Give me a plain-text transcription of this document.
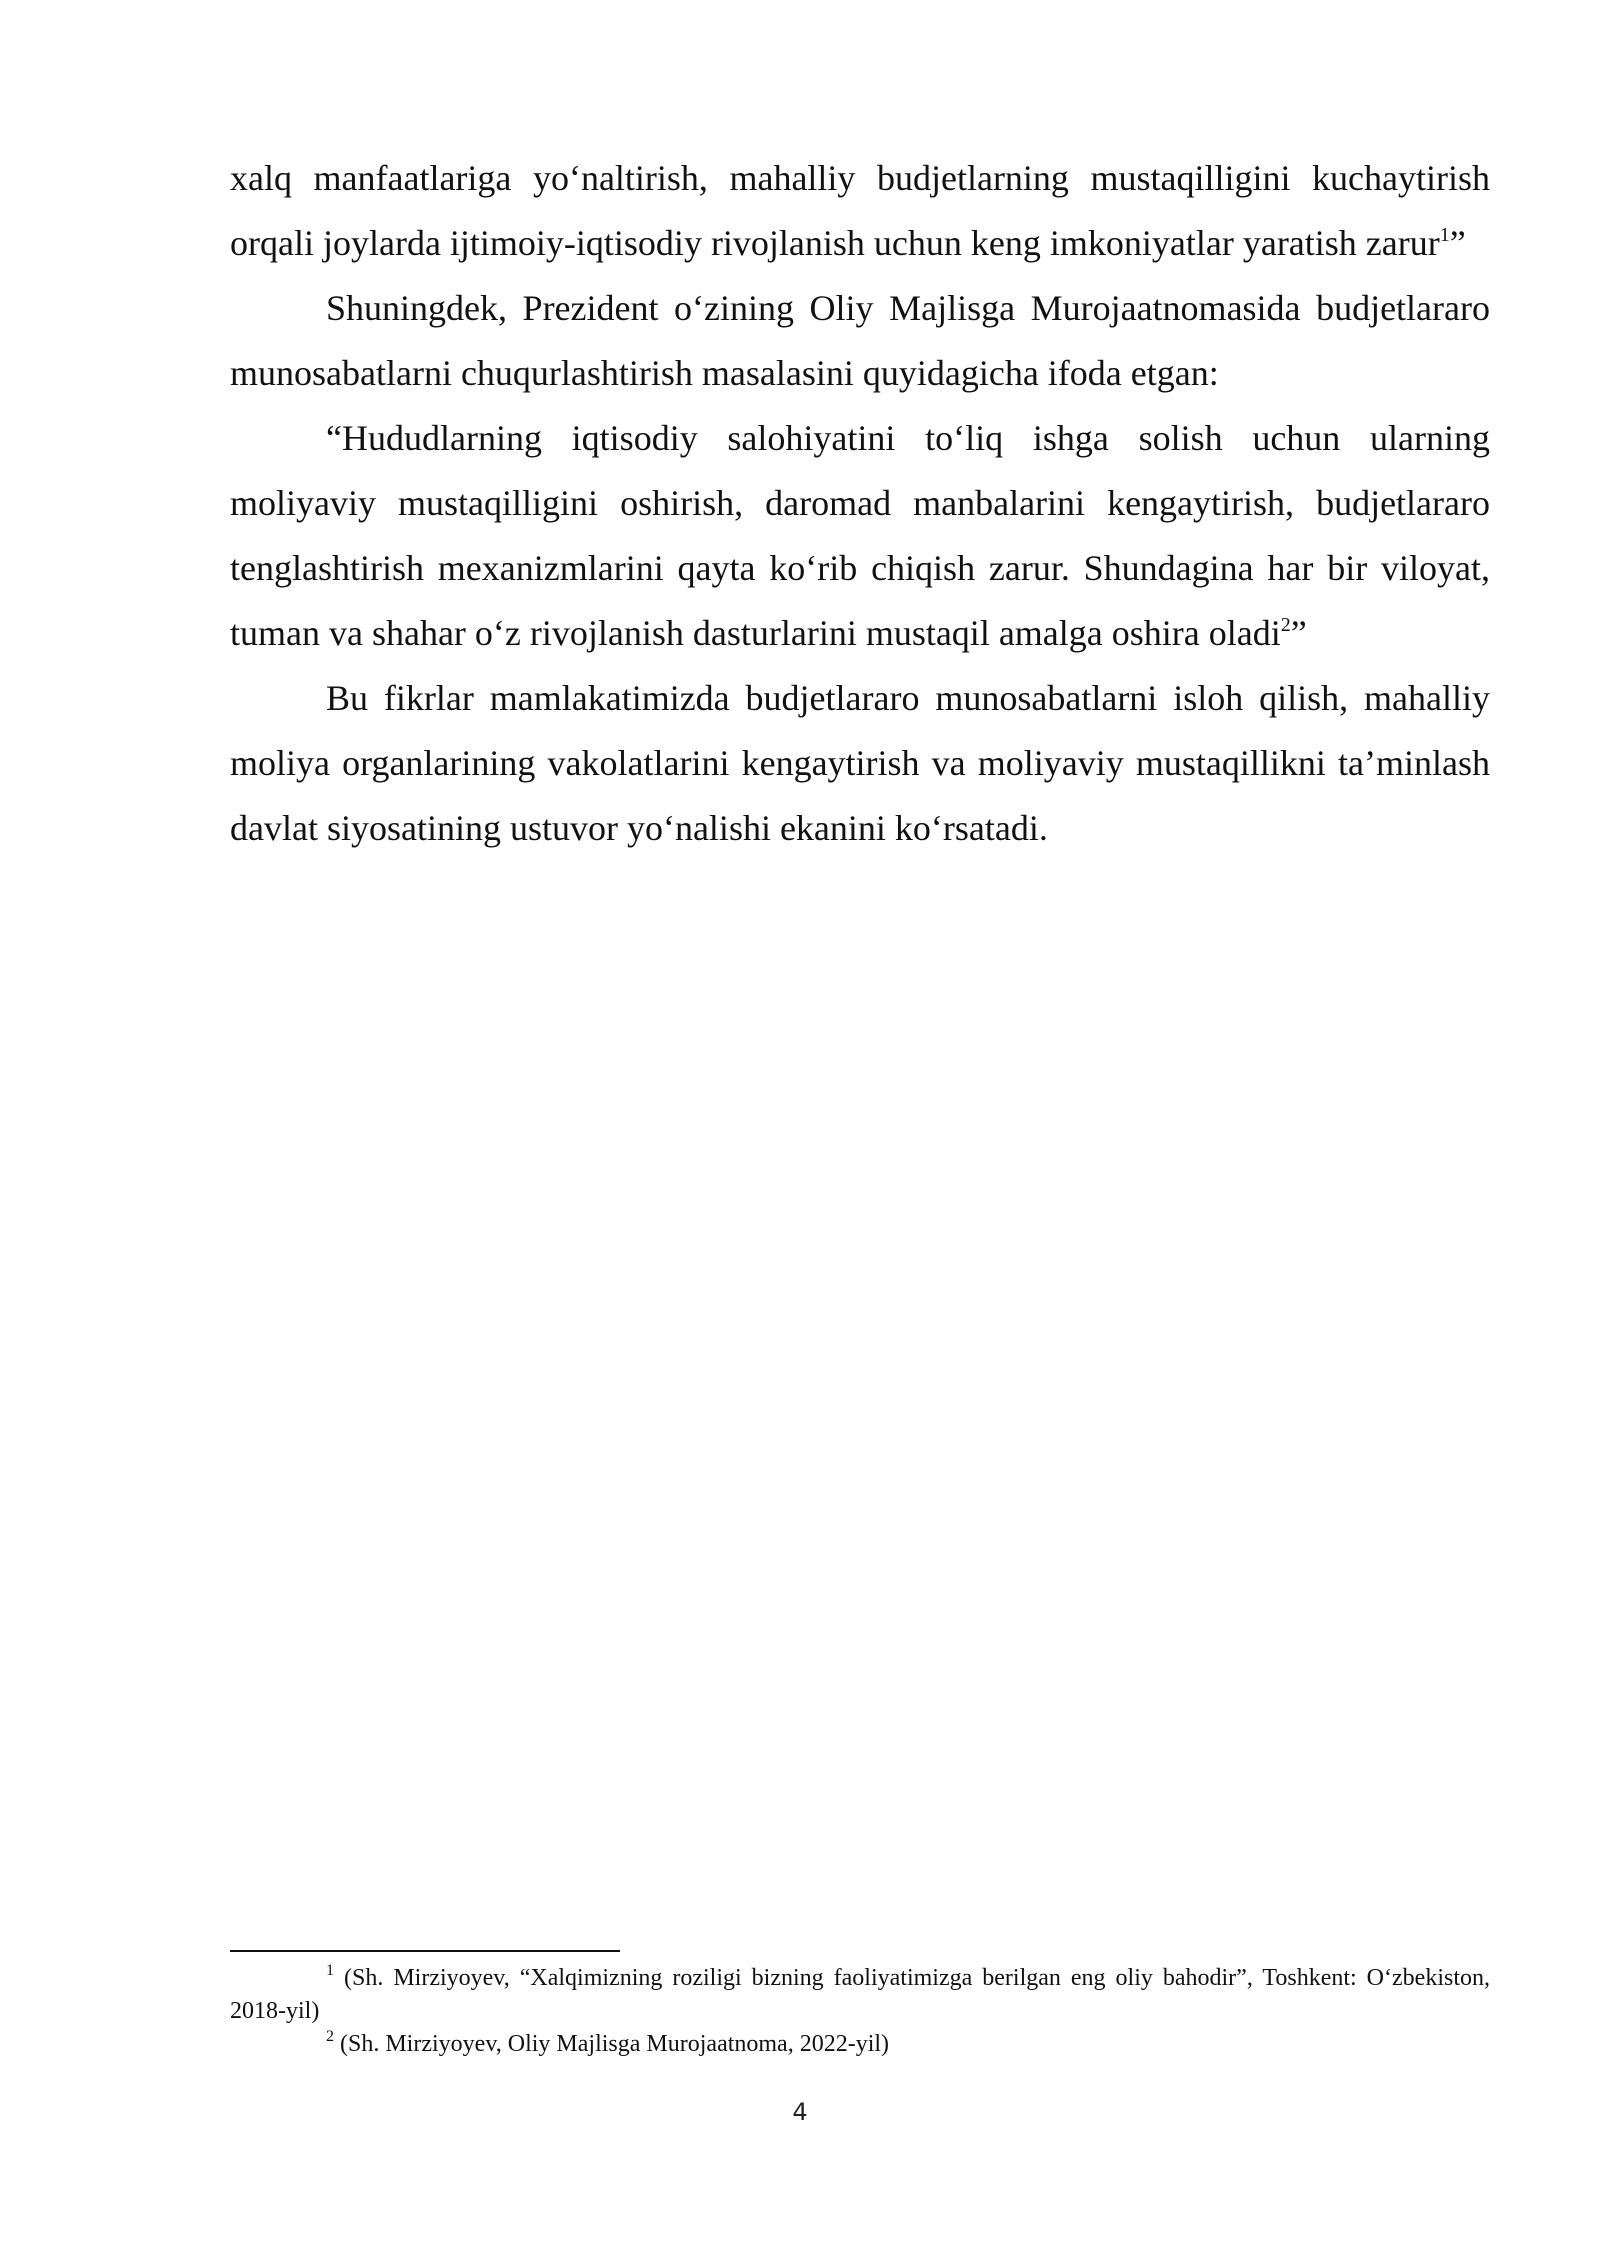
xalq manfaatlariga yo‘naltirish, mahalliy budjetlarning mustaqilligini kuchaytirish orqali joylarda ijtimoiy-iqtisodiy rivojlanish uchun keng imkoniyatlar yaratish zarur$^1$”

Shuningdek, Prezident o‘zining Oliy Majlisga Murojaatnomasida budjetlararo munosabatlarni chuqurlashtirish masalasini quyidagicha ifoda etgan:

“Hududlarning iqtisodiy salohiyatini to‘liq ishga solish uchun ularning moliyaviy mustaqilligini oshirish, daromad manbalarini kengaytirish, budjetlararo tenglashtirish mexanizmlarini qayta ko‘rib chiqish zarur. Shundagina har bir viloyat, tuman va shahar o‘z rivojlanish dasturlarini mustaqil amalga oshira oladi$^2$”

Bu fikrlar mamlakatimizda budjetlararo munosabatlarni isloh qilish, mahalliy moliya organlarining vakolatlarini kengaytirish va moliyaviy mustaqillikni ta’minlash davlat siyosatining ustuvor yo‘nalishi ekanini ko‘rsatadi.

$^1$ (Sh. Mirziyoyev, “Xalqimizning roziligi bizning faoliyatimizga berilgan eng oliy bahodir”, Toshkent: O‘zbekiston, 2018-yil)

$^2$ (Sh. Mirziyoyev, Oliy Majlisga Murojaatnoma, 2022-yil)

4
